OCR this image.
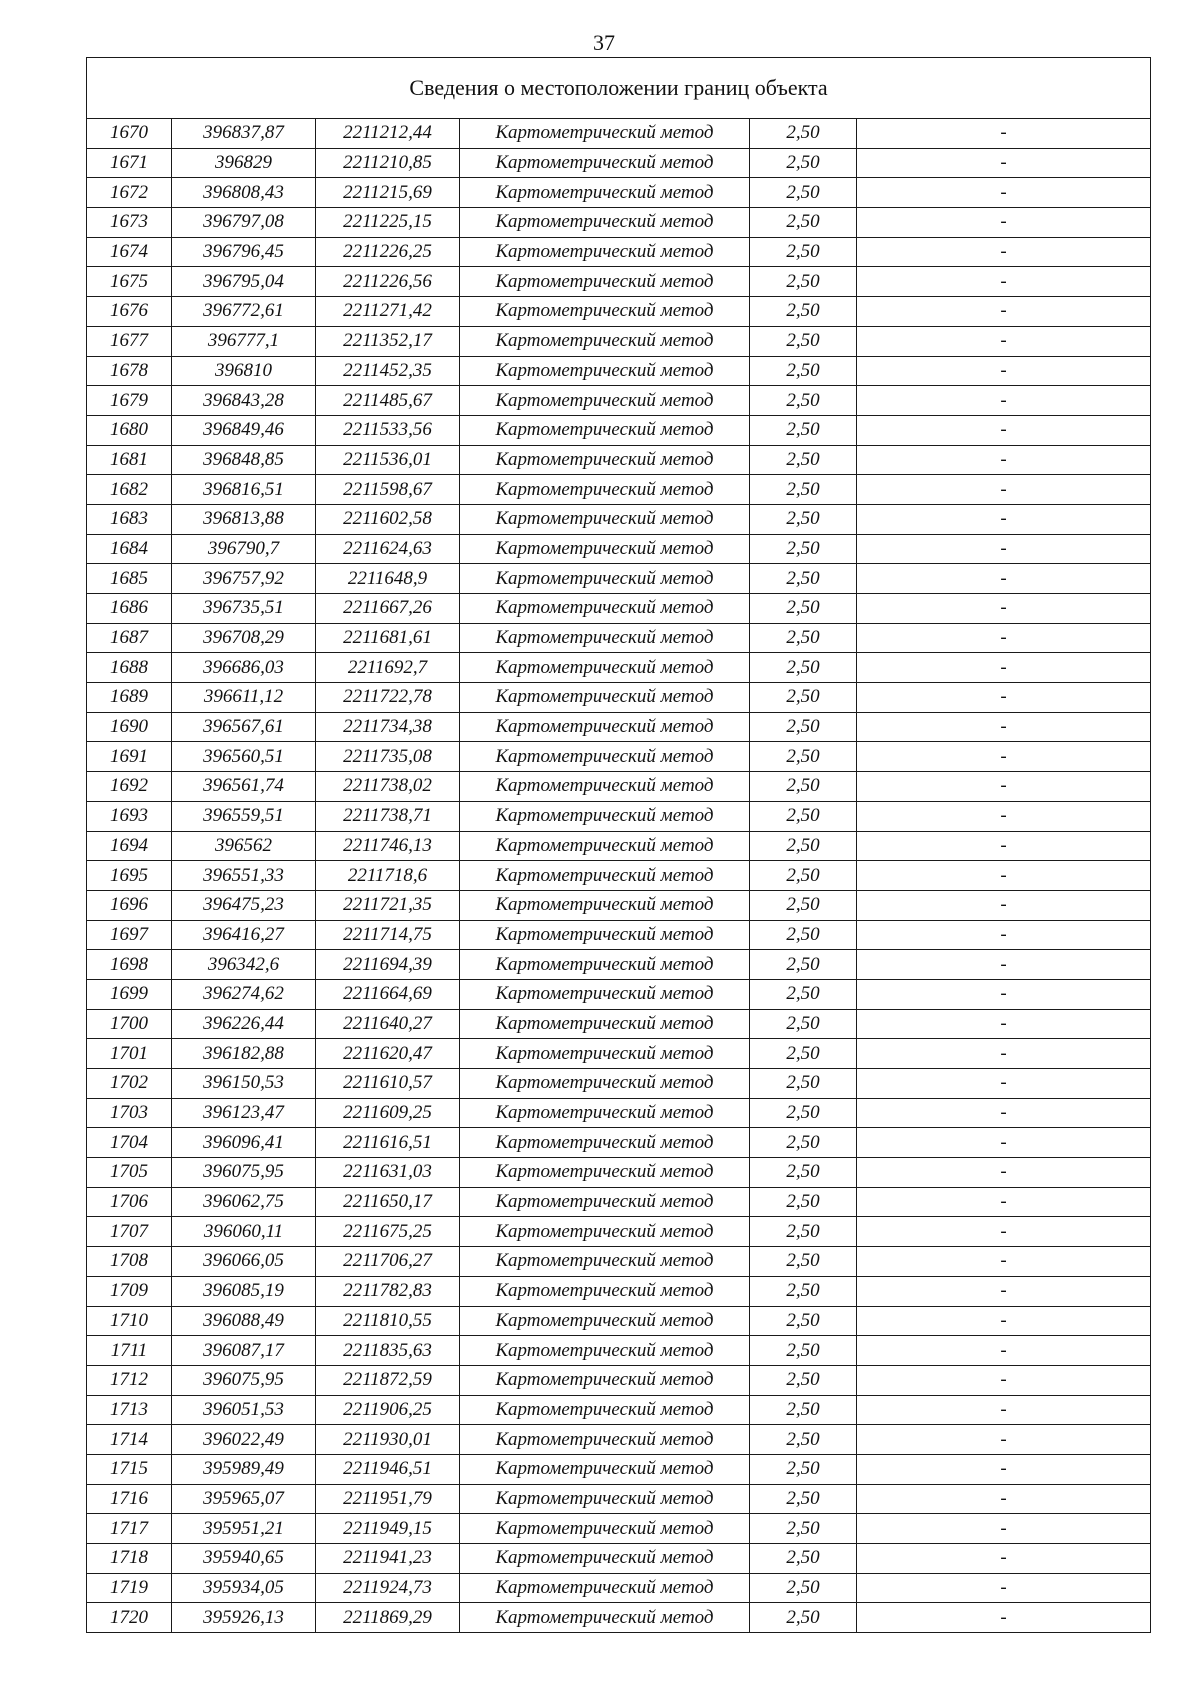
37
Сведения о местоположении границ объекта					
1670	396837,87	2211212,44	Картометрический метод	2,50	-
1671	396829	2211210,85	Картометрический метод	2,50	-
1672	396808,43	2211215,69	Картометрический метод	2,50	-
1673	396797,08	2211225,15	Картометрический метод	2,50	-
1674	396796,45	2211226,25	Картометрический метод	2,50	-
1675	396795,04	2211226,56	Картометрический метод	2,50	-
1676	396772,61	2211271,42	Картометрический метод	2,50	-
1677	396777,1	2211352,17	Картометрический метод	2,50	-
1678	396810	2211452,35	Картометрический метод	2,50	-
1679	396843,28	2211485,67	Картометрический метод	2,50	-
1680	396849,46	2211533,56	Картометрический метод	2,50	-
1681	396848,85	2211536,01	Картометрический метод	2,50	-
1682	396816,51	2211598,67	Картометрический метод	2,50	-
1683	396813,88	2211602,58	Картометрический метод	2,50	-
1684	396790,7	2211624,63	Картометрический метод	2,50	-
1685	396757,92	2211648,9	Картометрический метод	2,50	-
1686	396735,51	2211667,26	Картометрический метод	2,50	-
1687	396708,29	2211681,61	Картометрический метод	2,50	-
1688	396686,03	2211692,7	Картометрический метод	2,50	-
1689	396611,12	2211722,78	Картометрический метод	2,50	-
1690	396567,61	2211734,38	Картометрический метод	2,50	-
1691	396560,51	2211735,08	Картометрический метод	2,50	-
1692	396561,74	2211738,02	Картометрический метод	2,50	-
1693	396559,51	2211738,71	Картометрический метод	2,50	-
1694	396562	2211746,13	Картометрический метод	2,50	-
1695	396551,33	2211718,6	Картометрический метод	2,50	-
1696	396475,23	2211721,35	Картометрический метод	2,50	-
1697	396416,27	2211714,75	Картометрический метод	2,50	-
1698	396342,6	2211694,39	Картометрический метод	2,50	-
1699	396274,62	2211664,69	Картометрический метод	2,50	-
1700	396226,44	2211640,27	Картометрический метод	2,50	-
1701	396182,88	2211620,47	Картометрический метод	2,50	-
1702	396150,53	2211610,57	Картометрический метод	2,50	-
1703	396123,47	2211609,25	Картометрический метод	2,50	-
1704	396096,41	2211616,51	Картометрический метод	2,50	-
1705	396075,95	2211631,03	Картометрический метод	2,50	-
1706	396062,75	2211650,17	Картометрический метод	2,50	-
1707	396060,11	2211675,25	Картометрический метод	2,50	-
1708	396066,05	2211706,27	Картометрический метод	2,50	-
1709	396085,19	2211782,83	Картометрический метод	2,50	-
1710	396088,49	2211810,55	Картометрический метод	2,50	-
1711	396087,17	2211835,63	Картометрический метод	2,50	-
1712	396075,95	2211872,59	Картометрический метод	2,50	-
1713	396051,53	2211906,25	Картометрический метод	2,50	-
1714	396022,49	2211930,01	Картометрический метод	2,50	-
1715	395989,49	2211946,51	Картометрический метод	2,50	-
1716	395965,07	2211951,79	Картометрический метод	2,50	-
1717	395951,21	2211949,15	Картометрический метод	2,50	-
1718	395940,65	2211941,23	Картометрический метод	2,50	-
1719	395934,05	2211924,73	Картометрический метод	2,50	-
1720	395926,13	2211869,29	Картометрический метод	2,50	-
